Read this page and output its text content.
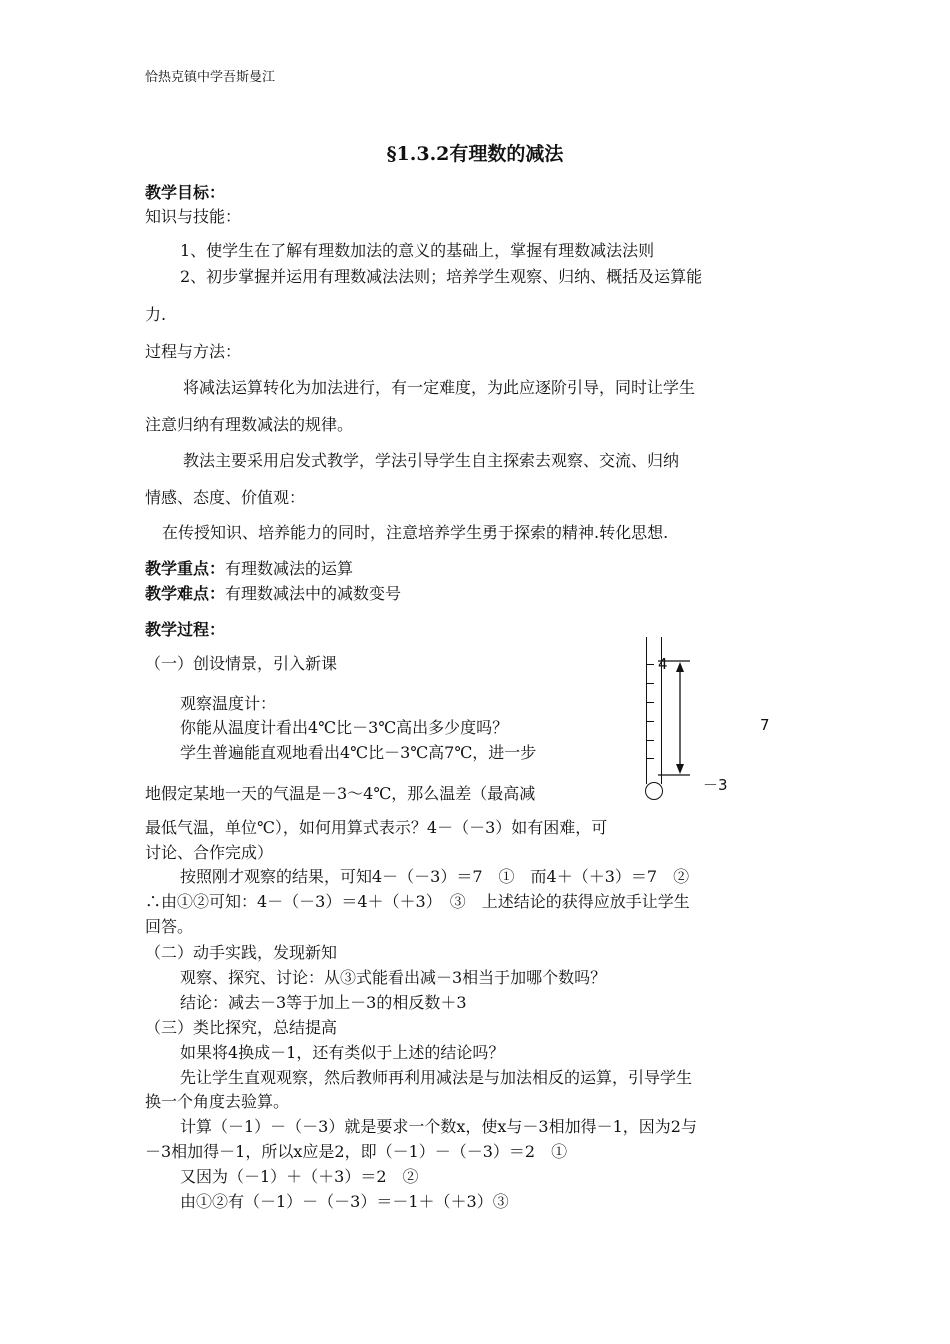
恰热克镇中学吾斯曼江
§1.3.2有理数的减法
教学目标：
知识与技能：
1、使学生在了解有理数加法的意义的基础上，掌握有理数减法法则
2、初步掌握并运用有理数减法法则；培养学生观察、归纳、概括及运算能
力.
过程与方法：
将减法运算转化为加法进行，有一定难度，为此应逐阶引导，同时让学生
注意归纳有理数减法的规律。
教法主要采用启发式教学，学法引导学生自主探索去观察、交流、归纳
情感、态度、价值观：
在传授知识、培养能力的同时，注意培养学生勇于探索的精神.转化思想.
教学重点：有理数减法的运算
教学难点：有理数减法中的减数变号
教学过程：
（一）创设情景，引入新课
观察温度计：
你能从温度计看出4℃比－3℃高出多少度吗？
学生普遍能直观地看出4℃比－3℃高7℃，进一步
地假定某地一天的气温是－3～4℃，那么温差（最高减
最低气温，单位℃），如何用算式表示？4－（－3）如有困难，可
讨论、合作完成）
按照刚才观察的结果，可知4－（－3）＝7　①　而4＋（＋3）＝7　②
∴由①②可知：4－（－3）＝4＋（＋3）　③　上述结论的获得应放手让学生
回答。
（二）动手实践，发现新知
观察、探究、讨论：从③式能看出减－3相当于加哪个数吗？
结论：减去－3等于加上－3的相反数＋3
（三）类比探究，总结提高
如果将4换成－1，还有类似于上述的结论吗？
先让学生直观观察，然后教师再利用减法是与加法相反的运算，引导学生
换一个角度去验算。
计算（－1）－（－3）就是要求一个数x，使x与－3相加得－1，因为2与
－3相加得－1，所以x应是2，即（－1）－（－3）＝2　①
又因为（－1）＋（＋3）＝2　②
由①②有（－1）－（－3）＝－1＋（＋3）③
4
7
－3
